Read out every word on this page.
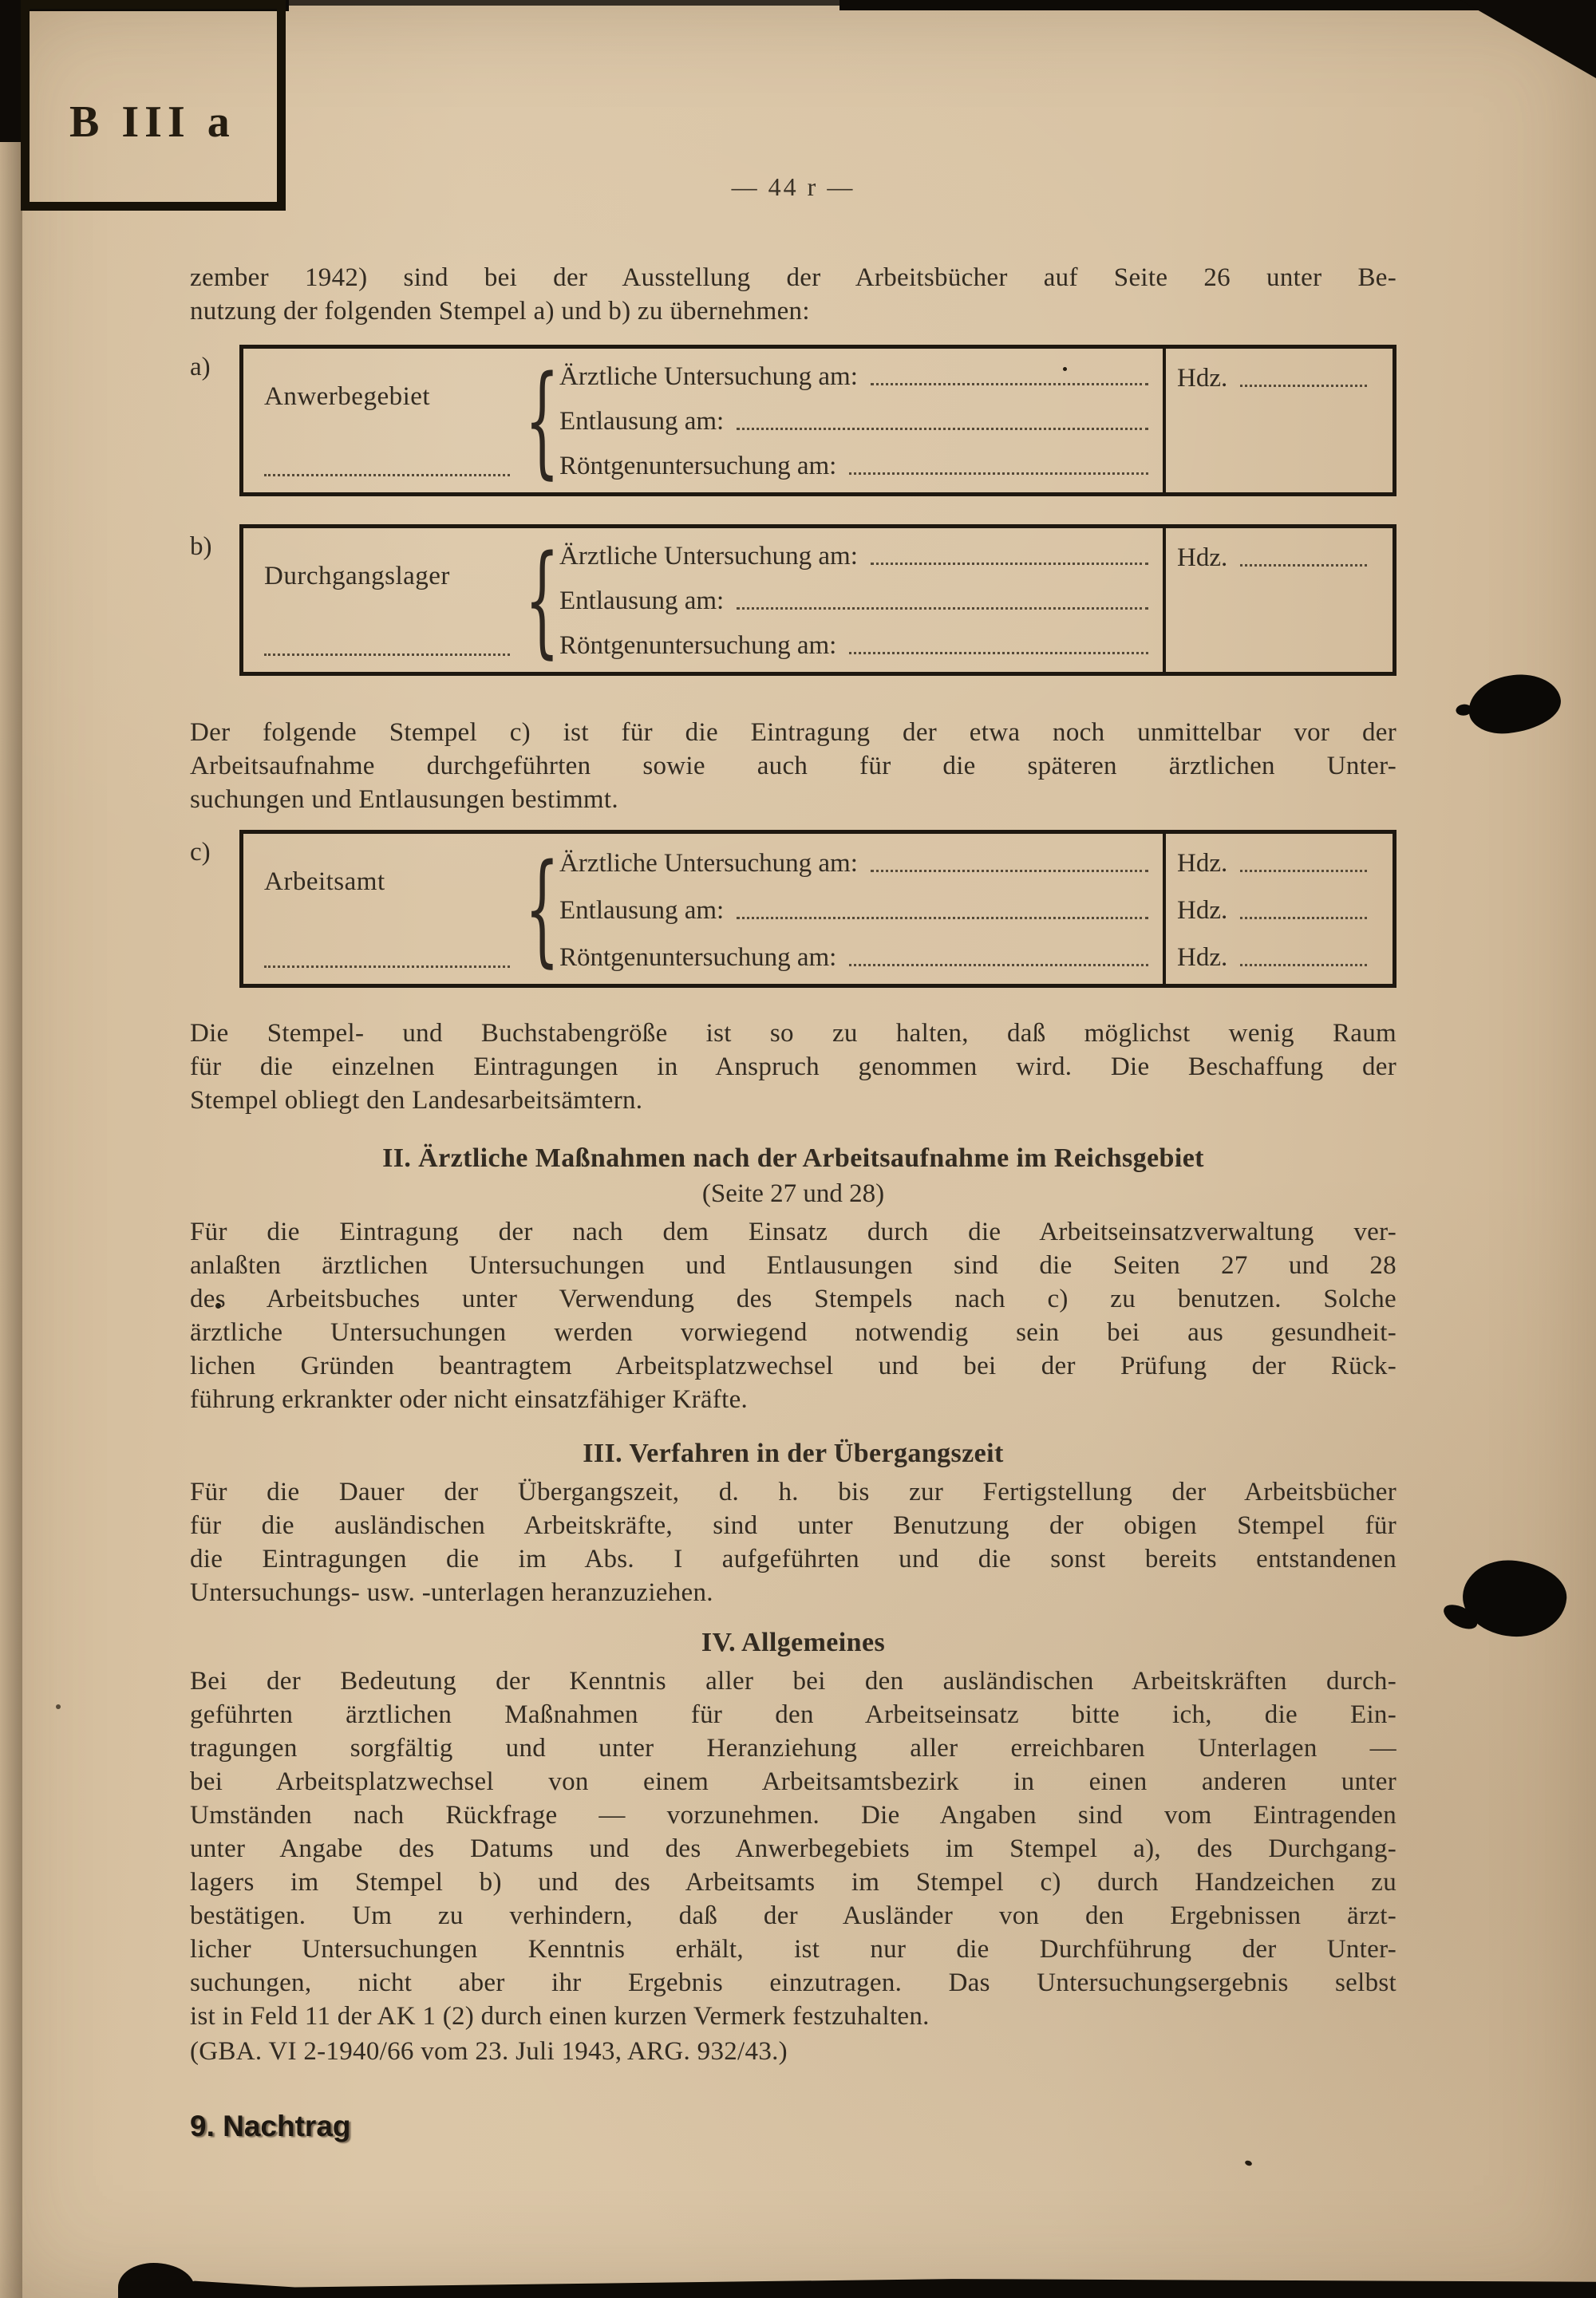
B III a
— 44 r —
zember 1942) sind bei der Ausstellung der Arbeitsbücher auf Seite 26 unter Be-
nutzung der folgenden Stempel a) und b) zu übernehmen:
a)
Anwerbegebiet { Ärztliche Untersuchung am:
Entlausung am:
Röntgenuntersuchung am:
Hdz.
b)
Durchgangslager { Ärztliche Untersuchung am:
Entlausung am:
Röntgenuntersuchung am:
Hdz.
Der folgende Stempel c) ist für die Eintragung der etwa noch unmittelbar vor der
Arbeitsaufnahme durchgeführten sowie auch für die späteren ärztlichen Unter-
suchungen und Entlausungen bestimmt.
c)
Arbeitsamt	{ Ärztliche Untersuchung am:
Entlausung am:
Röntgenuntersuchung am:
Hdz.
Hdz.
Hdz.
Die Stempel- und Buchstabengröße ist so zu halten, daß möglichst wenig Raum
für die einzelnen Eintragungen in Anspruch genommen wird. Die Beschaffung der
Stempel obliegt den Landesarbeitsämtern.
II. Ärztliche Maßnahmen nach der Arbeitsaufnahme im Reichsgebiet
(Seite 27 und 28)
Für die Eintragung der nach dem Einsatz durch die Arbeitseinsatzverwaltung ver-
anlaßten ärztlichen Untersuchungen und Entlausungen sind die Seiten 27 und 28
des Arbeitsbuches unter Verwendung des Stempels nach c) zu benutzen. Solche
ärztliche Untersuchungen werden vorwiegend notwendig sein bei aus gesundheit-
lichen Gründen beantragtem Arbeitsplatzwechsel und bei der Prüfung der Rück-
führung erkrankter oder nicht einsatzfähiger Kräfte.
III. Verfahren in der Übergangszeit
Für die Dauer der Übergangszeit, d. h. bis zur Fertigstellung der Arbeitsbücher
für die ausländischen Arbeitskräfte, sind unter Benutzung der obigen Stempel für
die Eintragungen die im Abs. I aufgeführten und die sonst bereits entstandenen
Untersuchungs- usw. -unterlagen heranzuziehen.
IV. Allgemeines
Bei der Bedeutung der Kenntnis aller bei den ausländischen Arbeitskräften durch-
geführten ärztlichen Maßnahmen für den Arbeitseinsatz bitte ich, die Ein-
tragungen sorgfältig und unter Heranziehung aller erreichbaren Unterlagen —
bei Arbeitsplatzwechsel von einem Arbeitsamtsbezirk in einen anderen unter
Umständen nach Rückfrage — vorzunehmen. Die Angaben sind vom Eintragenden
unter Angabe des Datums und des Anwerbegebiets im Stempel a), des Durchgang-
lagers im Stempel b) und des Arbeitsamts im Stempel c) durch Handzeichen zu
bestätigen. Um zu verhindern, daß der Ausländer von den Ergebnissen ärzt-
licher Untersuchungen Kenntnis erhält, ist nur die Durchführung der Unter-
suchungen, nicht aber ihr Ergebnis einzutragen. Das Untersuchungsergebnis selbst
ist in Feld 11 der AK 1 (2) durch einen kurzen Vermerk festzuhalten.
(GBA. VI 2-1940/66 vom 23. Juli 1943, ARG. 932/43.)
9. Nachtrag
